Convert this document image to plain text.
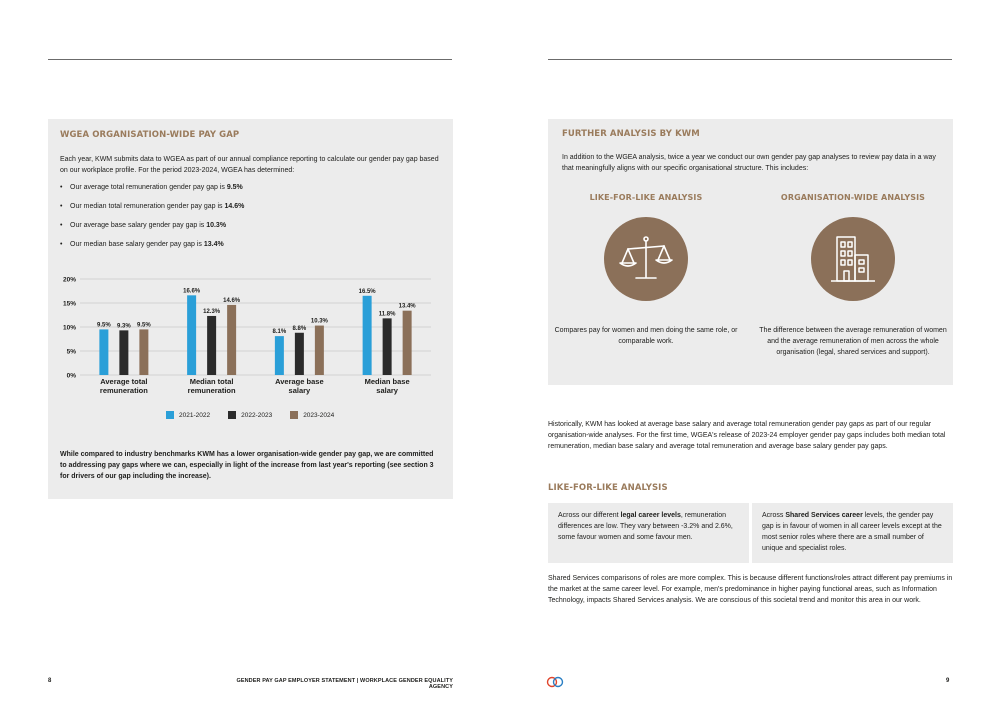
WGEA ORGANISATION-WIDE PAY GAP
Each year, KWM submits data to WGEA as part of our annual compliance reporting to calculate our gender pay gap based on our workplace profile. For the period 2023-2024, WGEA has determined:
• Our average total remuneration gender pay gap is 9.5%
• Our median total remuneration gender pay gap is 14.6%
• Our average base salary gender pay gap is 10.3%
• Our median base salary gender pay gap is 13.4%
0%
5%
10%
15%
20%
9.5% 9.3% 9.5%
Average total
remuneration
16.6%
12.3%
14.6%
Median total
remuneration
8.1%
8.8%
10.3%
Average base
salary
16.5%
11.8%
13.4%
Median base
salary
2021-2022	2022-2023	2023-2024
While compared to industry benchmarks KWM has a lower organisation-wide gender pay gap, we are committed to addressing pay gaps where we can, especially in light of the increase from last year's reporting (see section 3 for drivers of our gap including the increase).
8	GENDER PAY GAP EMPLOYER STATEMENT | WORKPLACE GENDER EQUALITY AGENCY
FURTHER ANALYSIS BY KWM
In addition to the WGEA analysis, twice a year we conduct our own gender pay gap analyses to review pay data in a way that meaningfully aligns with our specific organisational structure. This includes:
LIKE-FOR-LIKE ANALYSIS
Compares pay for women and men doing the same role, or comparable work.
ORGANISATION-WIDE ANALYSIS
The difference between the average remuneration of women and the average remuneration of men across the whole organisation (legal, shared services and support).
Historically, KWM has looked at average base salary and average total remuneration gender pay gaps as part of our regular organisation-wide analyses. For the first time, WGEA's release of 2023-24 employer gender pay gaps includes both median total remuneration, median base salary and average total remuneration and average base salary gender pay gaps.
LIKE-FOR-LIKE ANALYSIS
Across our different legal career levels, remuneration differences are low. They vary between -3.2% and 2.6%, some favour women and some favour men.
Across Shared Services career levels, the gender pay gap is in favour of women in all career levels except at the most senior roles where there are a small number of unique and specialist roles.
Shared Services comparisons of roles are more complex. This is because different functions/roles attract different pay premiums in the market at the same career level. For example, men's predominance in higher paying functional areas, such as Information Technology, impacts Shared Services analysis. We are conscious of this societal trend and monitor this area in our work.
9
